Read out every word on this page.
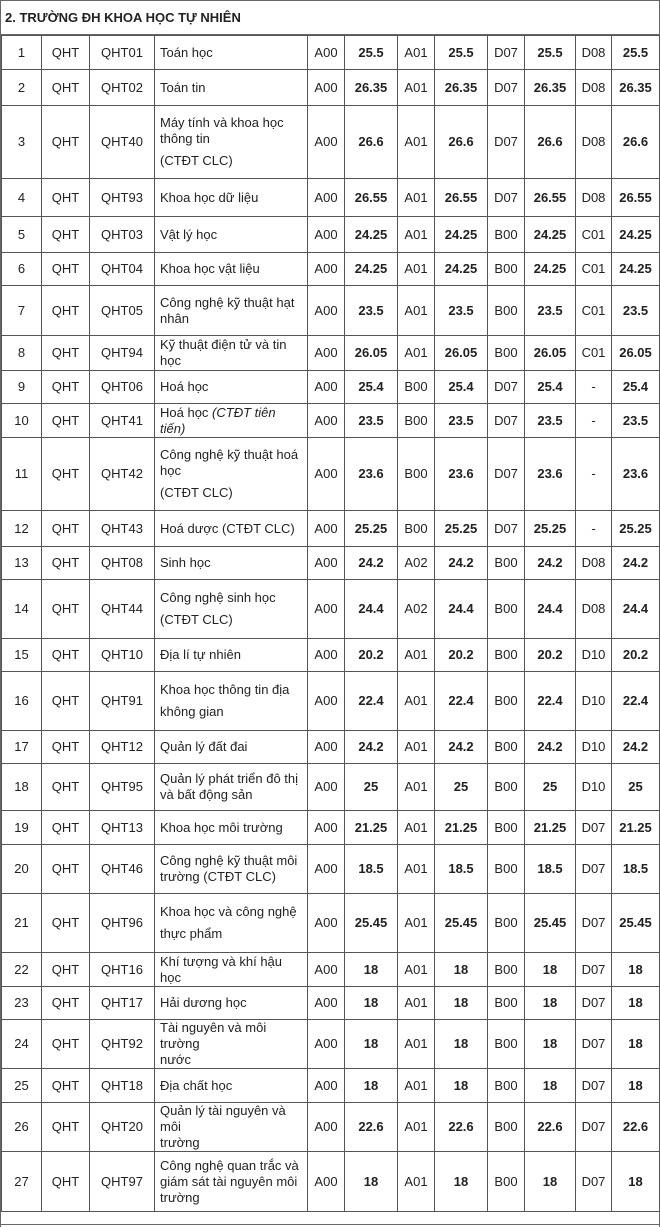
2. TRƯỜNG ĐH KHOA HỌC TỰ NHIÊN
1	QHT	QHT01	Toán học	A00	25.5	A01	25.5	D07	25.5	D08	25.5
2	QHT	QHT02	Toán tin	A00	26.35	A01	26.35	D07	26.35	D08	26.35
3	QHT	QHT40	Máy tính và khoa học
thông tin
(CTĐT CLC)	A00	26.6	A01	26.6	D07	26.6	D08	26.6
4	QHT	QHT93	Khoa học dữ liệu	A00	26.55	A01	26.55	D07	26.55	D08	26.55
5	QHT	QHT03	Vật lý học	A00	24.25	A01	24.25	B00	24.25	C01	24.25
6	QHT	QHT04	Khoa học vật liệu	A00	24.25	A01	24.25	B00	24.25	C01	24.25
7	QHT	QHT05	Công nghệ kỹ thuật hạt
nhân	A00	23.5	A01	23.5	B00	23.5	C01	23.5
8	QHT	QHT94	Kỹ thuật điện tử và tin học	A00	26.05	A01	26.05	B00	26.05	C01	26.05
9	QHT	QHT06	Hoá học	A00	25.4	B00	25.4	D07	25.4	-	25.4
10	QHT	QHT41	Hoá học (CTĐT tiên tiến)	A00	23.5	B00	23.5	D07	23.5	-	23.5
11	QHT	QHT42	Công nghệ kỹ thuật hoá
học
(CTĐT CLC)	A00	23.6	B00	23.6	D07	23.6	-	23.6
12	QHT	QHT43	Hoá dược (CTĐT CLC)	A00	25.25	B00	25.25	D07	25.25	-	25.25
13	QHT	QHT08	Sinh học	A00	24.2	A02	24.2	B00	24.2	D08	24.2
14	QHT	QHT44	Công nghệ sinh học
(CTĐT CLC)	A00	24.4	A02	24.4	B00	24.4	D08	24.4
15	QHT	QHT10	Địa lí tự nhiên	A00	20.2	A01	20.2	B00	20.2	D10	20.2
16	QHT	QHT91	Khoa học thông tin địa
không gian	A00	22.4	A01	22.4	B00	22.4	D10	22.4
17	QHT	QHT12	Quản lý đất đai	A00	24.2	A01	24.2	B00	24.2	D10	24.2
18	QHT	QHT95	Quản lý phát triển đô thị
và bất động sản	A00	25	A01	25	B00	25	D10	25
19	QHT	QHT13	Khoa học môi trường	A00	21.25	A01	21.25	B00	21.25	D07	21.25
20	QHT	QHT46	Công nghệ kỹ thuật môi
trường (CTĐT CLC)	A00	18.5	A01	18.5	B00	18.5	D07	18.5
21	QHT	QHT96	Khoa học và công nghệ
thực phẩm	A00	25.45	A01	25.45	B00	25.45	D07	25.45
22	QHT	QHT16	Khí tượng và khí hậu học	A00	18	A01	18	B00	18	D07	18
23	QHT	QHT17	Hải dương học	A00	18	A01	18	B00	18	D07	18
24	QHT	QHT92	Tài nguyên và môi trường
nước	A00	18	A01	18	B00	18	D07	18
25	QHT	QHT18	Địa chất học	A00	18	A01	18	B00	18	D07	18
26	QHT	QHT20	Quản lý tài nguyên và môi
trường	A00	22.6	A01	22.6	B00	22.6	D07	22.6
27	QHT	QHT97	Công nghệ quan trắc và
giám sát tài nguyên môi
trường	A00	18	A01	18	B00	18	D07	18
